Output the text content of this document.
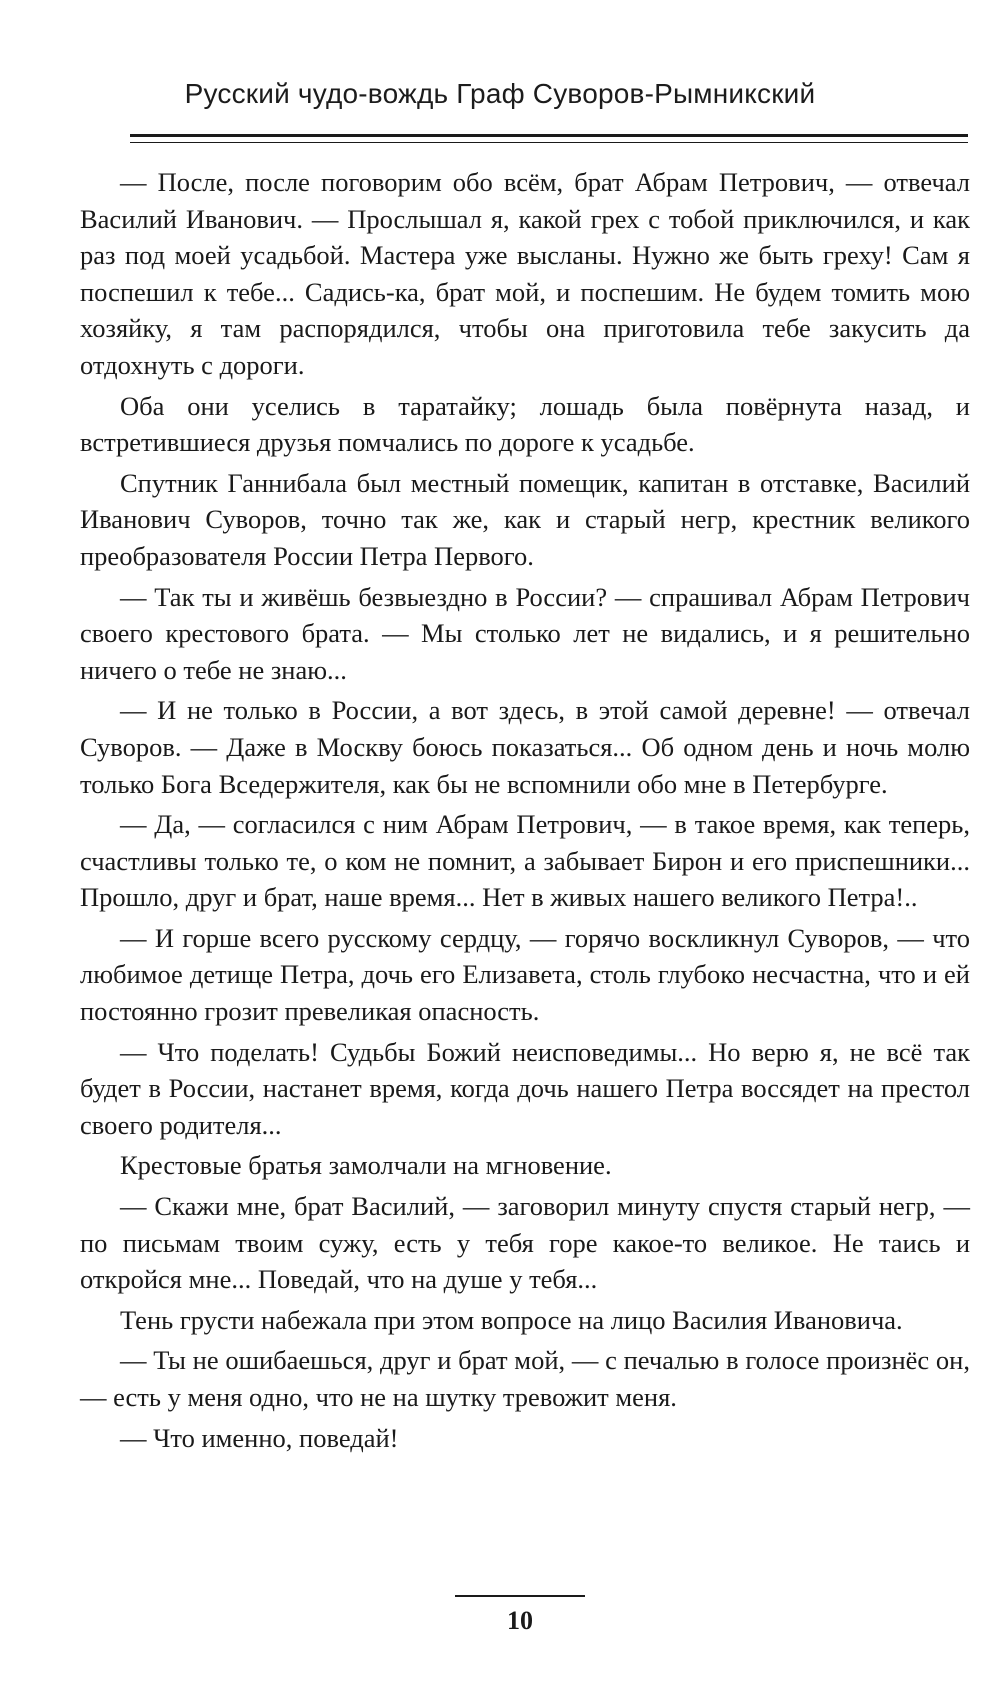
Русский чудо-вождь Граф Суворов-Рымникский

— После, после поговорим обо всём, брат Абрам Петрович, — отвечал Василий Иванович. — Прослышал я, какой грех с тобой приключился, и как раз под моей усадьбой. Мастера уже высланы. Нужно же быть греху! Сам я поспешил к тебе... Садись-ка, брат мой, и поспешим. Не будем томить мою хозяйку, я там распорядился, чтобы она приготовила тебе закусить да отдохнуть с дороги.

Оба они уселись в таратайку; лошадь была повёрнута назад, и встретившиеся друзья помчались по дороге к усадьбе.

Спутник Ганнибала был местный помещик, капитан в отставке, Василий Иванович Суворов, точно так же, как и старый негр, крестник великого преобразователя России Петра Первого.

— Так ты и живёшь безвыездно в России? — спрашивал Абрам Петрович своего крестового брата. — Мы столько лет не видались, и я решительно ничего о тебе не знаю...

— И не только в России, а вот здесь, в этой самой деревне! — отвечал Суворов. — Даже в Москву боюсь показаться... Об одном день и ночь молю только Бога Вседержителя, как бы не вспомнили обо мне в Петербурге.

— Да, — согласился с ним Абрам Петрович, — в такое время, как теперь, счастливы только те, о ком не помнит, а забывает Бирон и его приспешники... Прошло, друг и брат, наше время... Нет в живых нашего великого Петра!..

— И горше всего русскому сердцу, — горячо воскликнул Суворов, — что любимое детище Петра, дочь его Елизавета, столь глубоко несчастна, что и ей постоянно грозит превеликая опасность.

— Что поделать! Судьбы Божий неисповедимы... Но верю я, не всё так будет в России, настанет время, когда дочь нашего Петра воссядет на престол своего родителя...

Крестовые братья замолчали на мгновение.

— Скажи мне, брат Василий, — заговорил минуту спустя старый негр, — по письмам твоим сужу, есть у тебя горе какое-то великое. Не таись и откройся мне... Поведай, что на душе у тебя...

Тень грусти набежала при этом вопросе на лицо Василия Ивановича.

— Ты не ошибаешься, друг и брат мой, — с печалью в голосе произнёс он, — есть у меня одно, что не на шутку тревожит меня.

— Что именно, поведай!

10
